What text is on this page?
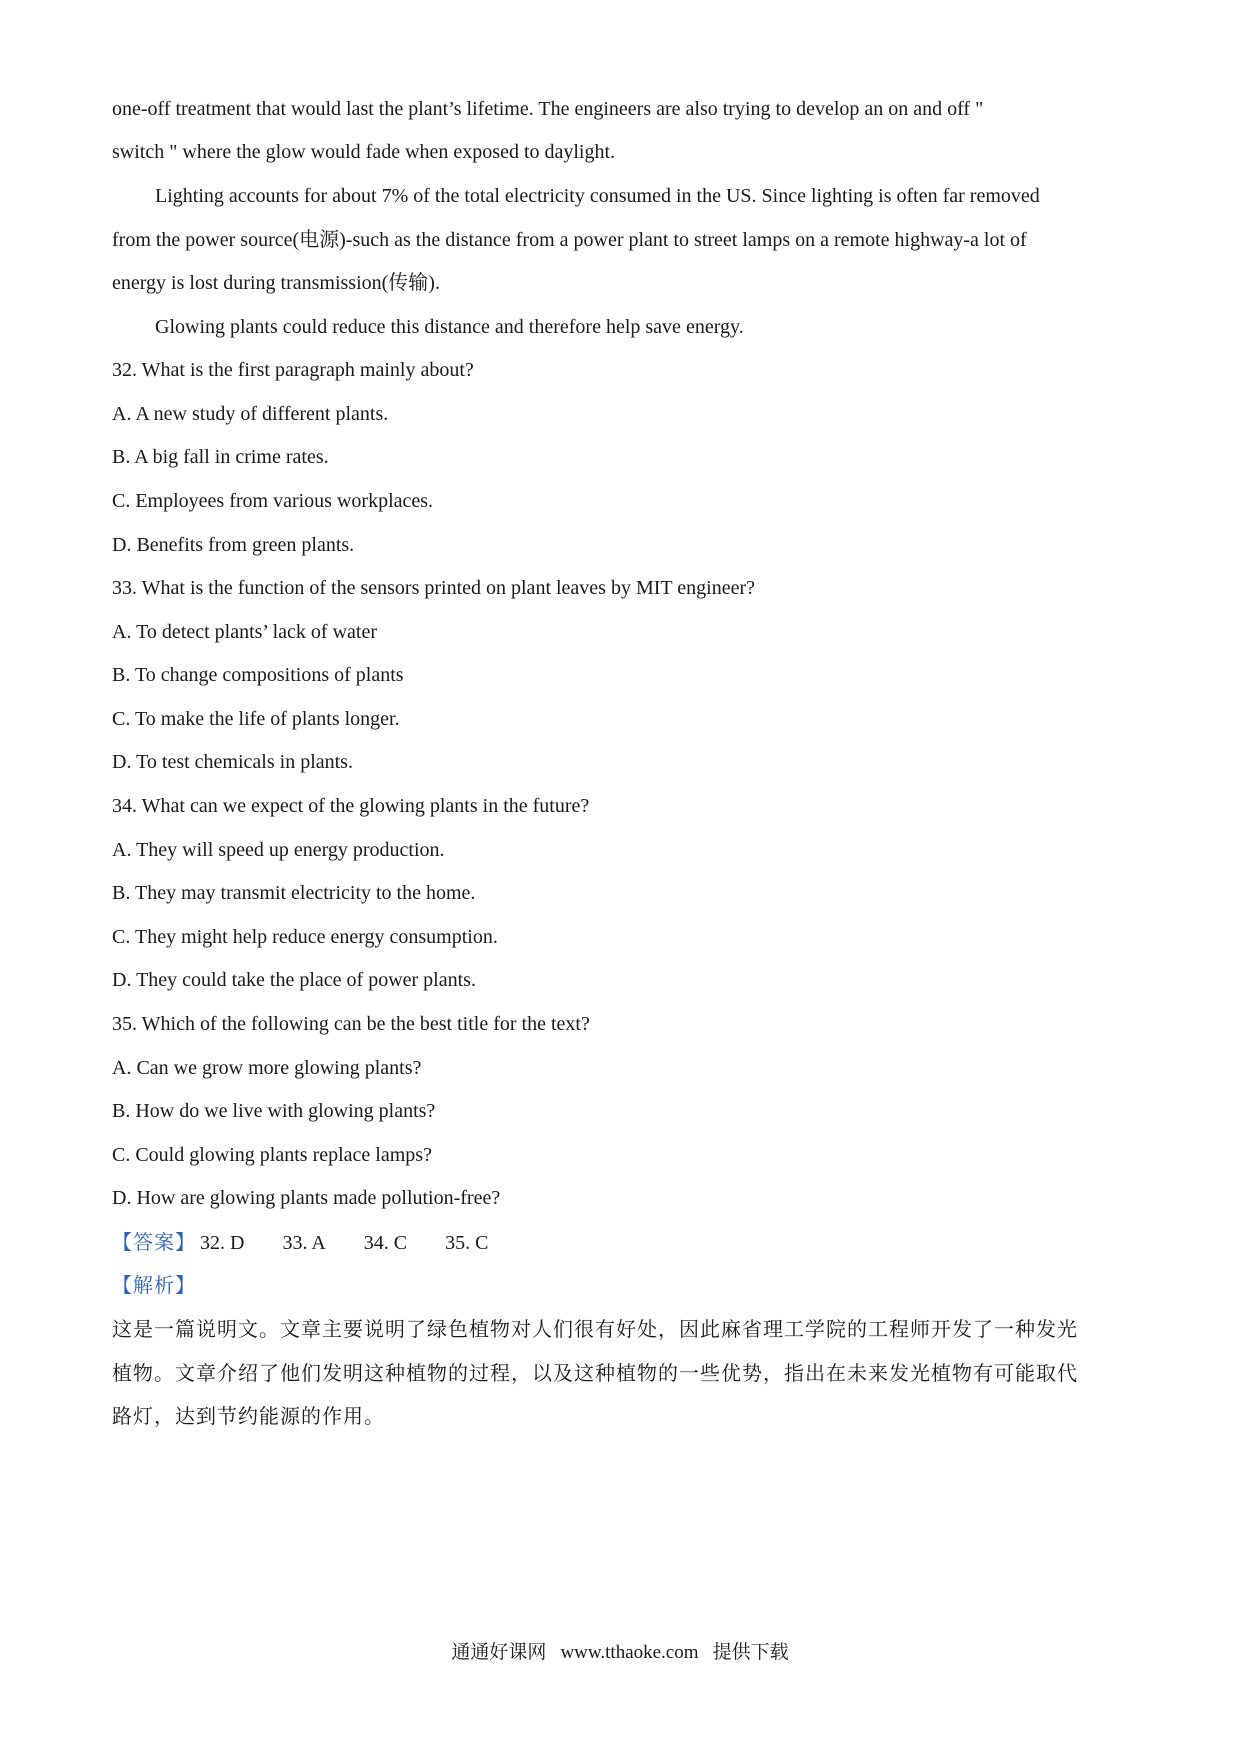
one-off treatment that would last the plant’s lifetime. The engineers are also trying to develop an on and off "
switch " where the glow would fade when exposed to daylight.
Lighting accounts for about 7% of the total electricity consumed in the US. Since lighting is often far removed
from the power source(电源)-such as the distance from a power plant to street lamps on a remote highway-a lot of
energy is lost during transmission(传输).
Glowing plants could reduce this distance and therefore help save energy.
32. What is the first paragraph mainly about?
A. A new study of different plants.
B. A big fall in crime rates.
C. Employees from various workplaces.
D. Benefits from green plants.
33. What is the function of the sensors printed on plant leaves by MIT engineer?
A. To detect plants’ lack of water
B. To change compositions of plants
C. To make the life of plants longer.
D. To test chemicals in plants.
34. What can we expect of the glowing plants in the future?
A. They will speed up energy production.
B. They may transmit electricity to the home.
C. They might help reduce energy consumption.
D. They could take the place of power plants.
35. Which of the following can be the best title for the text?
A. Can we grow more glowing plants?
B. How do we live with glowing plants?
C. Could glowing plants replace lamps?
D. How are glowing plants made pollution-free?
【答案】 32. D 33. A 34. C 35. C
【解析】
这是一篇说明文。文章主要说明了绿色植物对人们很有好处，因此麻省理工学院的工程师开发了一种发光
植物。文章介绍了他们发明这种植物的过程，以及这种植物的一些优势，指出在未来发光植物有可能取代
路灯，达到节约能源的作用。
通通好课网 www.tthaoke.com 提供下载
